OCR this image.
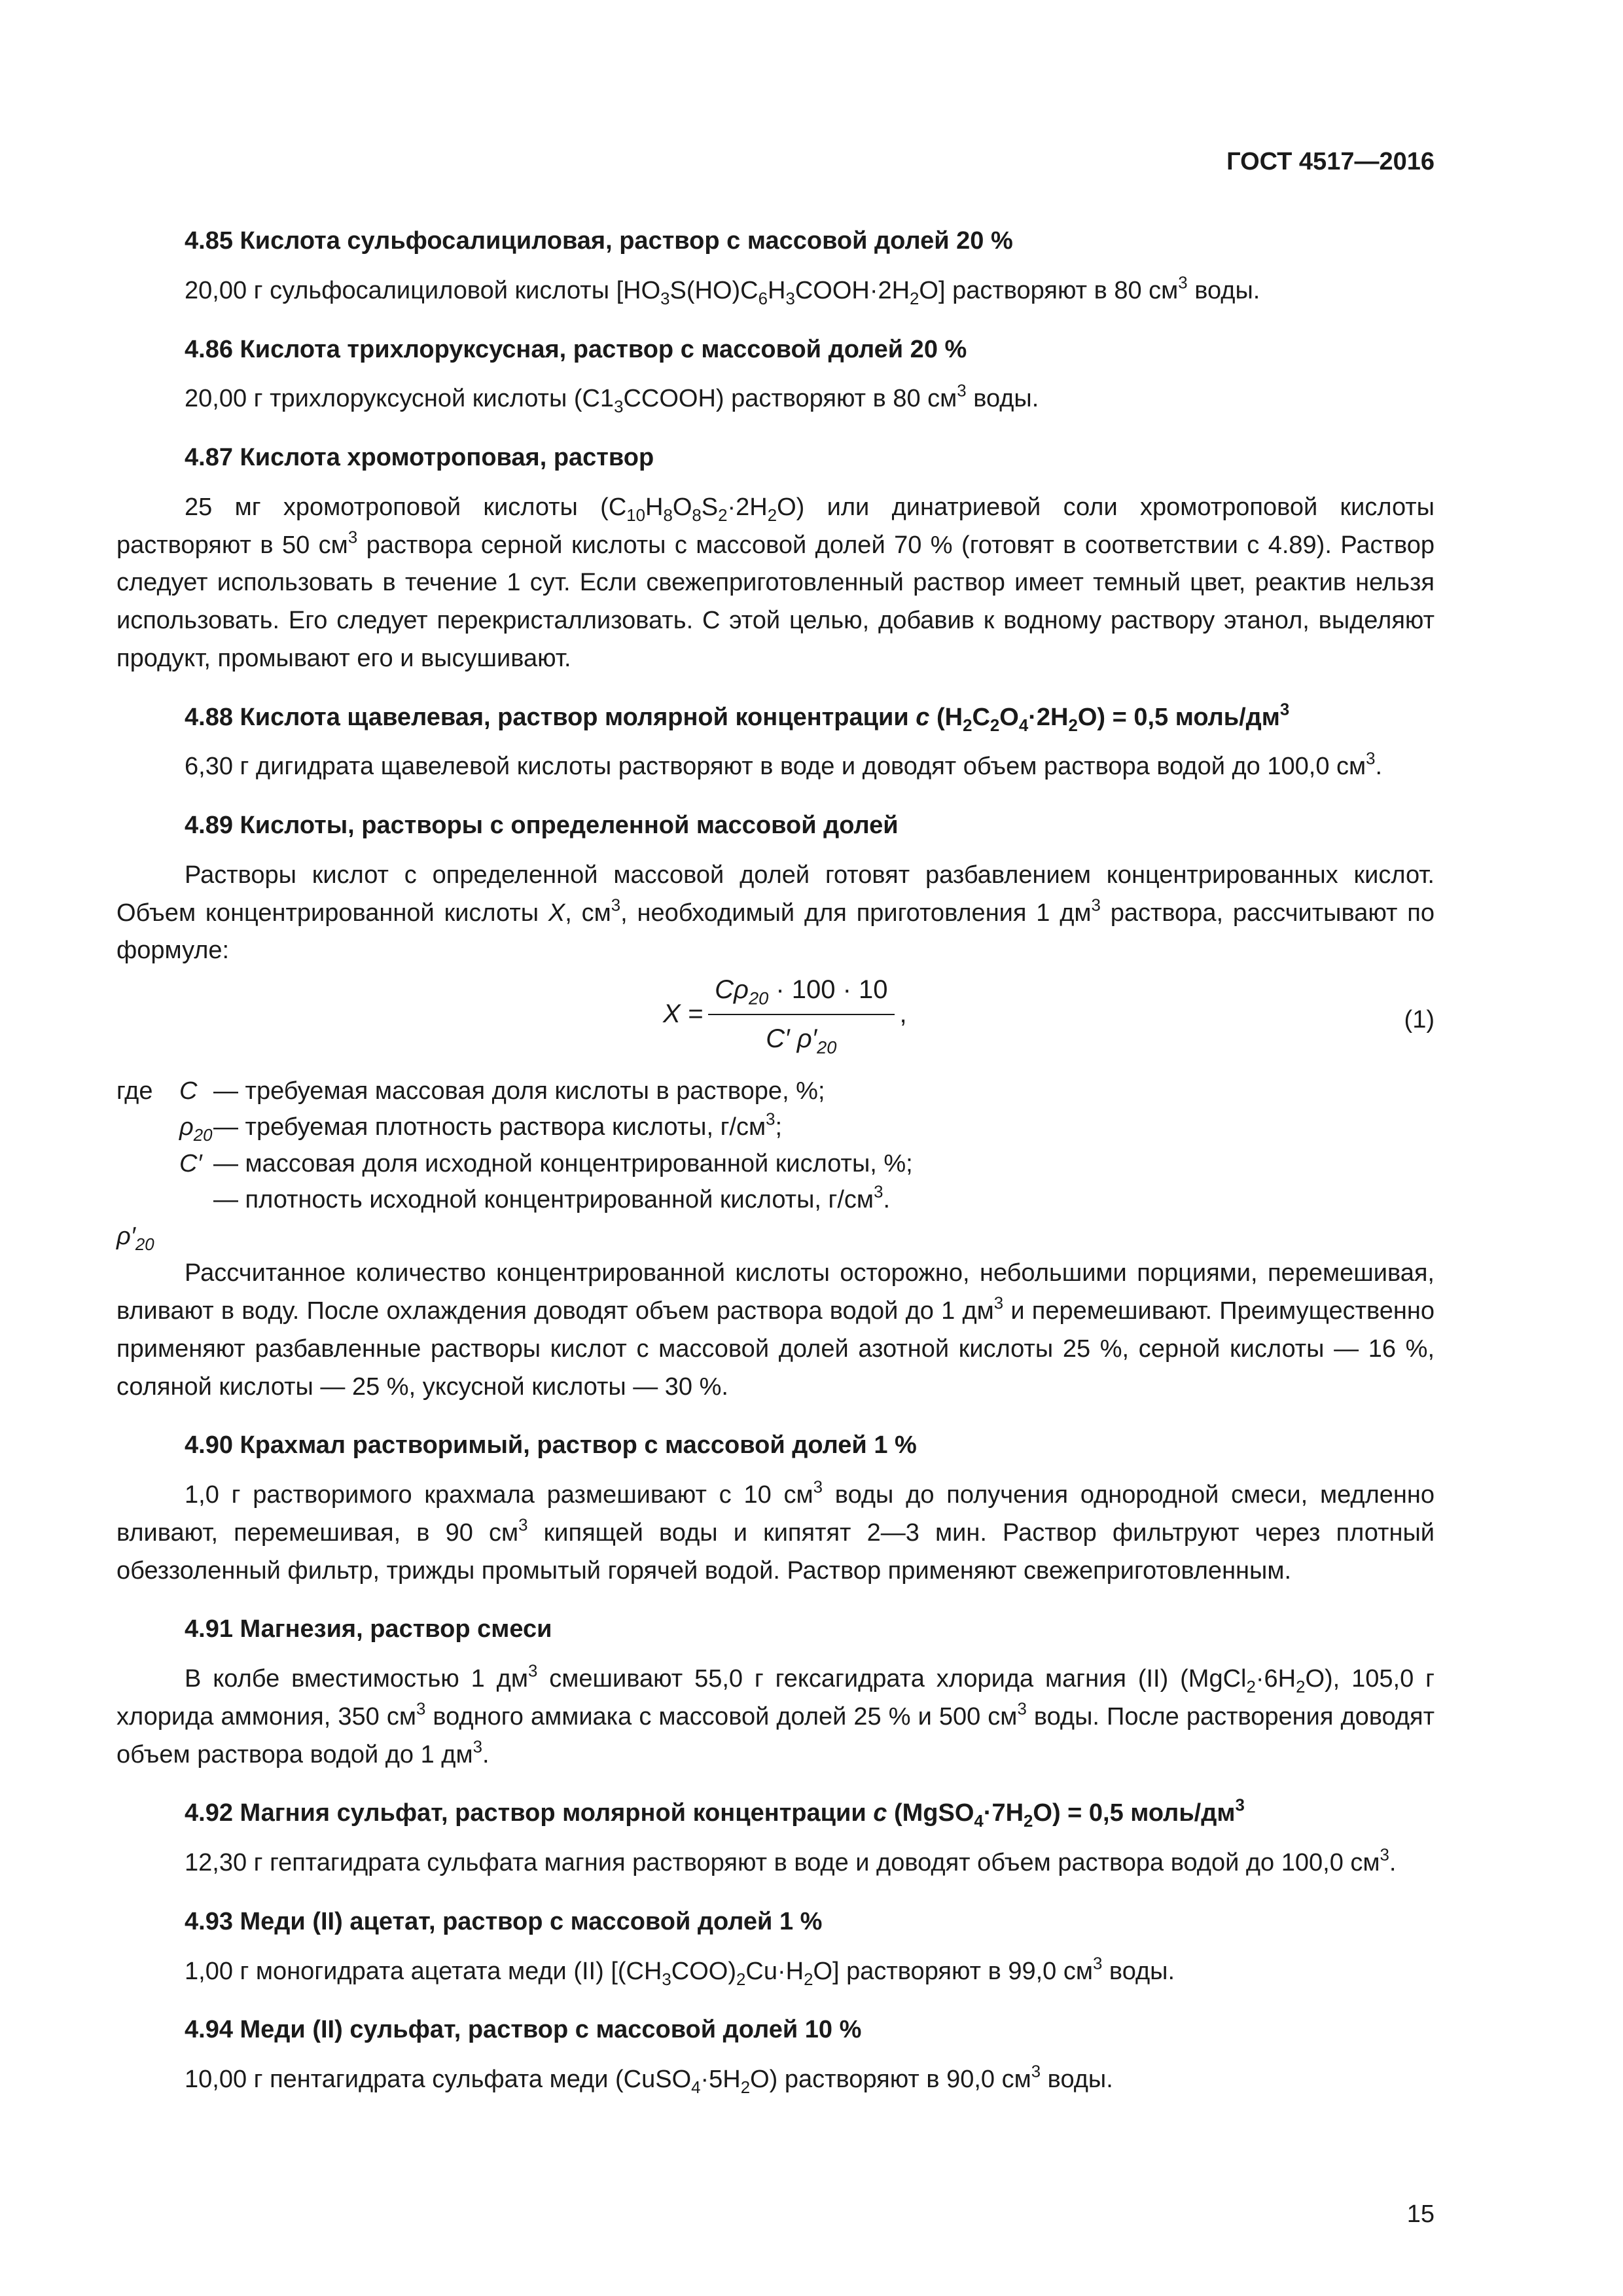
ГОСТ 4517—2016
4.85 Кислота сульфосалициловая, раствор с массовой долей 20 %
20,00 г сульфосалициловой кислоты $[HO_3S(HO)C_6H_3COOH\cdot 2H_2O]$ растворяют в 80 $см^3$ воды.
4.86 Кислота трихлоруксусная, раствор с массовой долей 20 %
20,00 г трихлоруксусной кислоты $(C1_3CCOOH)$ растворяют в 80 $см^3$ воды.
4.87 Кислота хромотроповая, раствор
25 мг хромотроповой кислоты $(C_{10}H_8O_8S_2\cdot 2H_2O)$ или динатриевой соли хромотроповой кислоты растворяют в 50 $см^3$ раствора серной кислоты с массовой долей 70 % (готовят в соответствии с 4.89). Раствор следует использовать в течение 1 сут. Если свежеприготовленный раствор имеет темный цвет, реактив нельзя использовать. Его следует перекристаллизовать. С этой целью, добавив к водному раствору этанол, выделяют продукт, промывают его и высушивают.
4.88 Кислота щавелевая, раствор молярной концентрации c $(H_2C_2O_4\cdot 2H_2O) = 0,5$ моль/$дм^3$
6,30 г дигидрата щавелевой кислоты растворяют в воде и доводят объем раствора водой до 100,0 $см^3$.
4.89 Кислоты, растворы с определенной массовой долей
Растворы кислот с определенной массовой долей готовят разбавлением концентрированных кислот. Объем концентрированной кислоты X, $см^3$, необходимый для приготовления 1 $дм^3$ раствора, рассчитывают по формуле:
$X = \frac{C\rho_{20} \cdot 100 \cdot 10}{C' \rho'_{20}}$ ,	(1)
где C — требуемая массовая доля кислоты в растворе, %;
$\rho_{20}$ — требуемая плотность раствора кислоты, $г/см^3$;
C′ — массовая доля исходной концентрированной кислоты, %;
$\rho'_{20}$
— плотность исходной концентрированной кислоты, $г/см^3$.
Рассчитанное количество концентрированной кислоты осторожно, небольшими порциями, перемешивая, вливают в воду. После охлаждения доводят объем раствора водой до 1 $дм^3$ и перемешивают. Преимущественно применяют разбавленные растворы кислот с массовой долей азотной кислоты 25 %, серной кислоты — 16 %, соляной кислоты — 25 %, уксусной кислоты — 30 %.
4.90 Крахмал растворимый, раствор с массовой долей 1 %
1,0 г растворимого крахмала размешивают с 10 $см^3$ воды до получения однородной смеси, медленно вливают, перемешивая, в 90 $см^3$ кипящей воды и кипятят 2—3 мин. Раствор фильтруют через плотный обеззоленный фильтр, трижды промытый горячей водой. Раствор применяют свежеприготовленным.
4.91 Магнезия, раствор смеси
В колбе вместимостью 1 $дм^3$ смешивают 55,0 г гексагидрата хлорида магния (II) $(MgCl_2\cdot 6H_2O)$, 105,0 г хлорида аммония, 350 $см^3$ водного аммиака с массовой долей 25 % и 500 $см^3$ воды. После растворения доводят объем раствора водой до 1 $дм^3$.
4.92 Магния сульфат, раствор молярной концентрации c $(MgSO_4\cdot 7H_2O) = 0,5$ моль/$дм^3$
12,30 г гептагидрата сульфата магния растворяют в воде и доводят объем раствора водой до 100,0 $см^3$.
4.93 Меди (II) ацетат, раствор с массовой долей 1 %
1,00 г моногидрата ацетата меди (II) $[(CH_3COO)_2Cu\cdot H_2O]$ растворяют в 99,0 $см^3$ воды.
4.94 Меди (II) сульфат, раствор с массовой долей 10 %
10,00 г пентагидрата сульфата меди $(CuSO_4\cdot 5H_2O)$ растворяют в 90,0 $см^3$ воды.
15
